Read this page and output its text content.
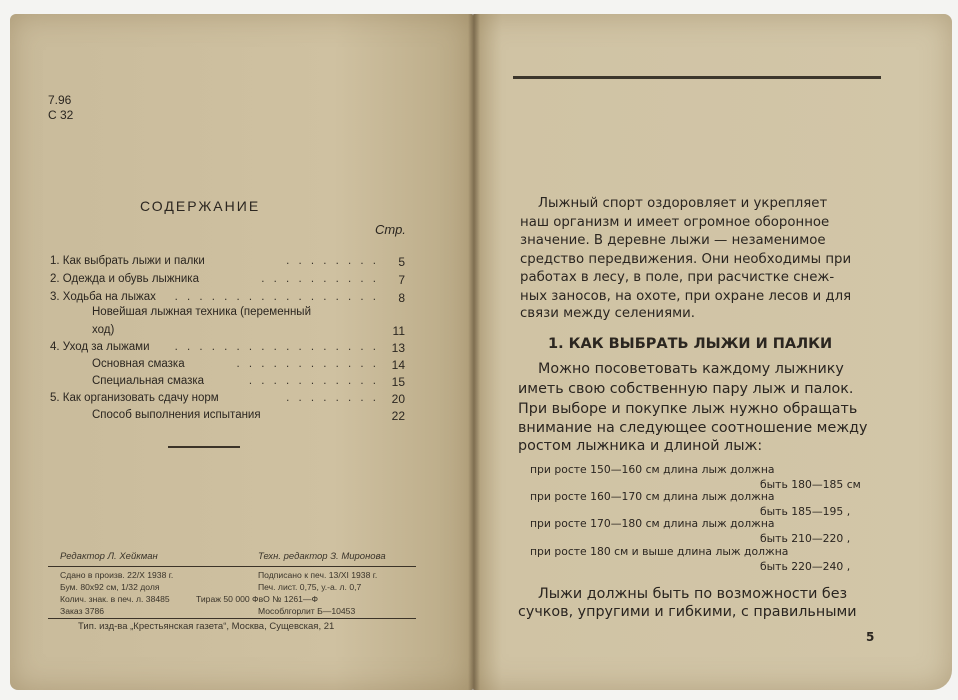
7.96
С 32
СОДЕРЖАНИЕ
Стр.
1. Как выбрать лыжи и палки	. . . . . . . .	5
2. Одежда и обувь лыжника	. . . . . . . . . .	7
3. Ходьба на лыжах . . . . . . . . . . . . . . . . .	8
Новейшая лыжная техника (переменный
ход)	11
4. Уход за лыжами . . . . . . . . . . . . . . . . .	13
Основная смазка	. . . . . . . . . . . .	14
Специальная смазка	. . . . . . . . . . .	15
5. Как организовать сдачу норм	. . . . . . . .	20
Способ выполнения испытания	22
Редактор Л. Хейкман	Техн. редактор З. Миронова
Сдано в произв. 22/X 1938 г.
Бум. 80x92 см, 1/32 доля
Колич. знак. в печ. л. 38485
Заказ 3786
Подписано к печ. 13/XI 1938 г.
Печ. лист. 0,75, у.-а. л. 0,7
Тираж 50 000 ФвО № 1261—Ф
Мособлгорлит Б—10453
Тип. изд-ва „Крестьянская газета“, Москва, Сущевская, 21
Лыжный спорт оздоровляет и укрепляет
наш организм и имеет огромное оборонное
значение. В деревне лыжи — незаменимое
средство передвижения. Они необходимы при
работах в лесу, в поле, при расчистке снеж-
ных заносов, на охоте, при охране лесов и для
связи между селениями.
1. КАК ВЫБРАТЬ ЛЫЖИ И ПАЛКИ
Можно посоветовать каждому лыжнику
иметь свою собственную пару лыж и палок.
При выборе и покупке лыж нужно обращать
внимание на следующее соотношение между
ростом лыжника и длиной лыж:
при росте 150—160 см длина лыж должна
быть 180—185 см
при росте 160—170 см длина лыж должна
быть 185—195 ,
при росте 170—180 см длина лыж должна
быть 210—220 ,
при росте 180 см и выше длина лыж должна
быть 220—240 ,
Лыжи должны быть по возможности без
сучков, упругими и гибкими, с правильными
5
